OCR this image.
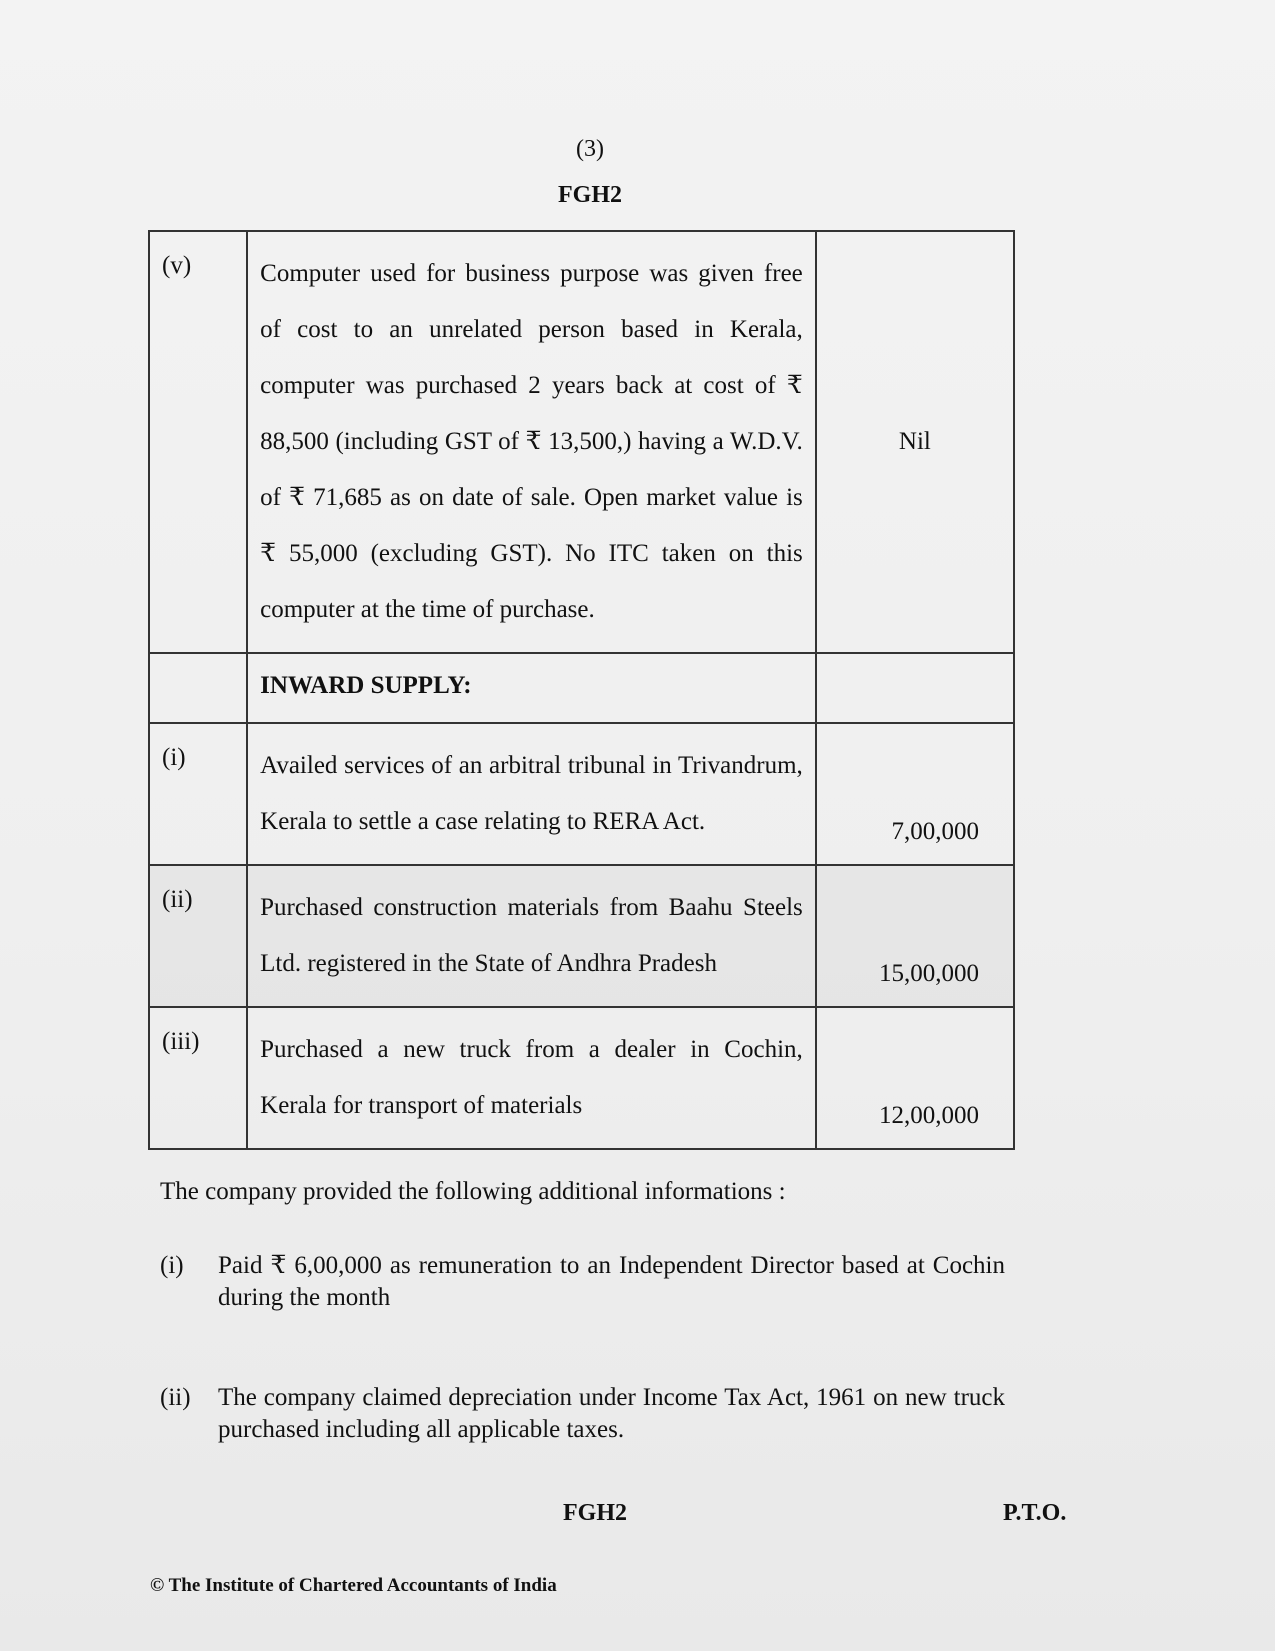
(3)
FGH2
(v)	Computer used for business purpose was given free of cost to an unrelated person based in Kerala, computer was purchased 2 years back at cost of ₹ 88,500 (including GST of ₹ 13,500,) having a W.D.V. of ₹ 71,685 as on date of sale. Open market value is ₹ 55,000 (excluding GST). No ITC taken on this computer at the time of purchase.	Nil
	INWARD SUPPLY:	
(i)	Availed services of an arbitral tribunal in Trivandrum, Kerala to settle a case relating to RERA Act.	7,00,000
(ii)	Purchased construction materials from Baahu Steels Ltd. registered in the State of Andhra Pradesh	15,00,000
(iii)	Purchased a new truck from a dealer in Cochin, Kerala for transport of materials	12,00,000
The company provided the following additional informations :
(i)	Paid ₹ 6,00,000 as remuneration to an Independent Director based at Cochin during the month
(ii)	The company claimed depreciation under Income Tax Act, 1961 on new truck purchased including all applicable taxes.
FGH2	P.T.O.
© The Institute of Chartered Accountants of India
